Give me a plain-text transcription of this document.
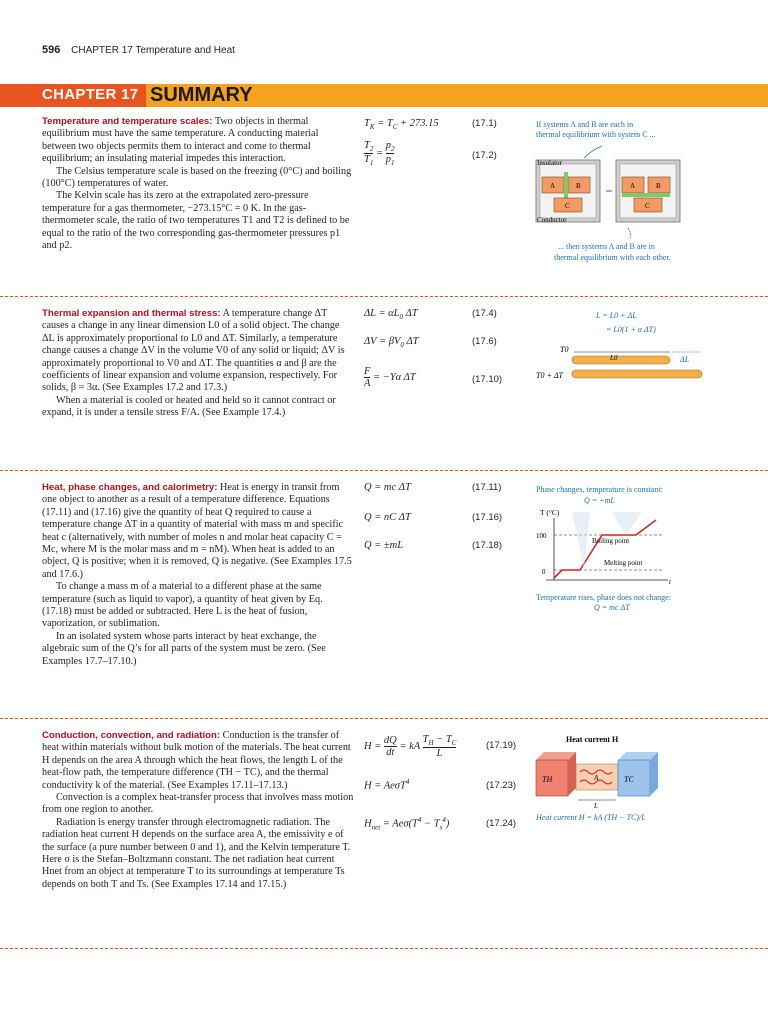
596 CHAPTER 17 Temperature and Heat
CHAPTER 17 SUMMARY

Temperature and temperature scales: Two objects in thermal equilibrium must have the same temperature. A conducting material between two objects permits them to interact and come to thermal equilibrium; an insulating material impedes this interaction.

The Celsius temperature scale is based on the freezing (0°C) and boiling (100°C) temperatures of water.

The Kelvin scale has its zero at the extrapolated zero-pressure temperature for a gas thermometer, −273.15°C = 0 K. In the gas-thermometer scale, the ratio of two temperatures T1 and T2 is defined to be equal to the ratio of the two corresponding gas-thermometer pressures p1 and p2.

$T_K = T_C + 273.15$	(17.1)
$\frac{T_2}{T_1} = \frac{p_2}{p_1}$	(17.2)
If systems A and B are each in
thermal equilibrium with system C ...
A	B
C
Insulator
Conductor
A	B
C
... then systems A and B are in
thermal equilibrium with each other.

Thermal expansion and thermal stress: A temperature change ΔT causes a change in any linear dimension L0 of a solid object. The change ΔL is approximately proportional to L0 and ΔT. Similarly, a temperature change causes a change ΔV in the volume V0 of any solid or liquid; ΔV is approximately proportional to V0 and ΔT. The quantities α and β are the coefficients of linear expansion and volume expansion, respectively. For solids, β = 3α. (See Examples 17.2 and 17.3.)

When a material is cooled or heated and held so it cannot contract or expand, it is under a tensile stress F/A. (See Example 17.4.)

$\Delta L = \alpha L_0$ ΔT	(17.4)
$\Delta V = \beta V_0$ ΔT	(17.6)
$\frac{F}{A} = -Y\alpha$ ΔT	(17.10)
L = L0 + ΔL
= L0(1 + α ΔT)
T0
T0 + ΔT
L0	ΔL

Heat, phase changes, and calorimetry: Heat is energy in transit from one object to another as a result of a temperature difference. Equations (17.11) and (17.16) give the quantity of heat Q required to cause a temperature change ΔT in a quantity of material with mass m and specific heat c (alternatively, with number of moles n and molar heat capacity C = Mc, where M is the molar mass and m = nM). When heat is added to an object, Q is positive; when it is removed, Q is negative. (See Examples 17.5 and 17.6.)

To change a mass m of a material to a different phase at the same temperature (such as liquid to vapor), a quantity of heat given by Eq. (17.18) must be added or subtracted. Here L is the heat of fusion, vaporization, or sublimation.

In an isolated system whose parts interact by heat exchange, the algebraic sum of the Q’s for all parts of the system must be zero. (See Examples 17.7–17.10.)

Q = mc ΔT	(17.11)
Q = nC ΔT	(17.16)
Q = ±mL	(17.18)
Phase changes, temperature is constant:
Q = +mL
T (°C)
100
0
t
Boiling point
Melting point
Temperature rises, phase does not change:
Q = mc ΔT

Conduction, convection, and radiation: Conduction is the transfer of heat within materials without bulk motion of the materials. The heat current H depends on the area A through which the heat flows, the length L of the heat-flow path, the temperature difference (TH − TC), and the thermal conductivity k of the material. (See Examples 17.11–17.13.)

Convection is a complex heat-transfer process that involves mass motion from one region to another.

Radiation is energy transfer through electromagnetic radiation. The radiation heat current H depends on the surface area A, the emissivity e of the surface (a pure number between 0 and 1), and the Kelvin temperature T. Here σ is the Stefan–Boltzmann constant. The net radiation heat current Hnet from an object at temperature T to its surroundings at temperature Ts depends on both T and Ts. (See Examples 17.14 and 17.15.)

$H = \frac{dQ}{dt}$ = kA $\frac{T_H - T_C}{L}$	(17.19)
H = AeσT$^4$	(17.23)
$H_{net} = Ae\sigma(T^4 - T_s^4)$	(17.24)
Heat current H
TH	TC
A
L
Heat current H = kA (TH − TC)/L
